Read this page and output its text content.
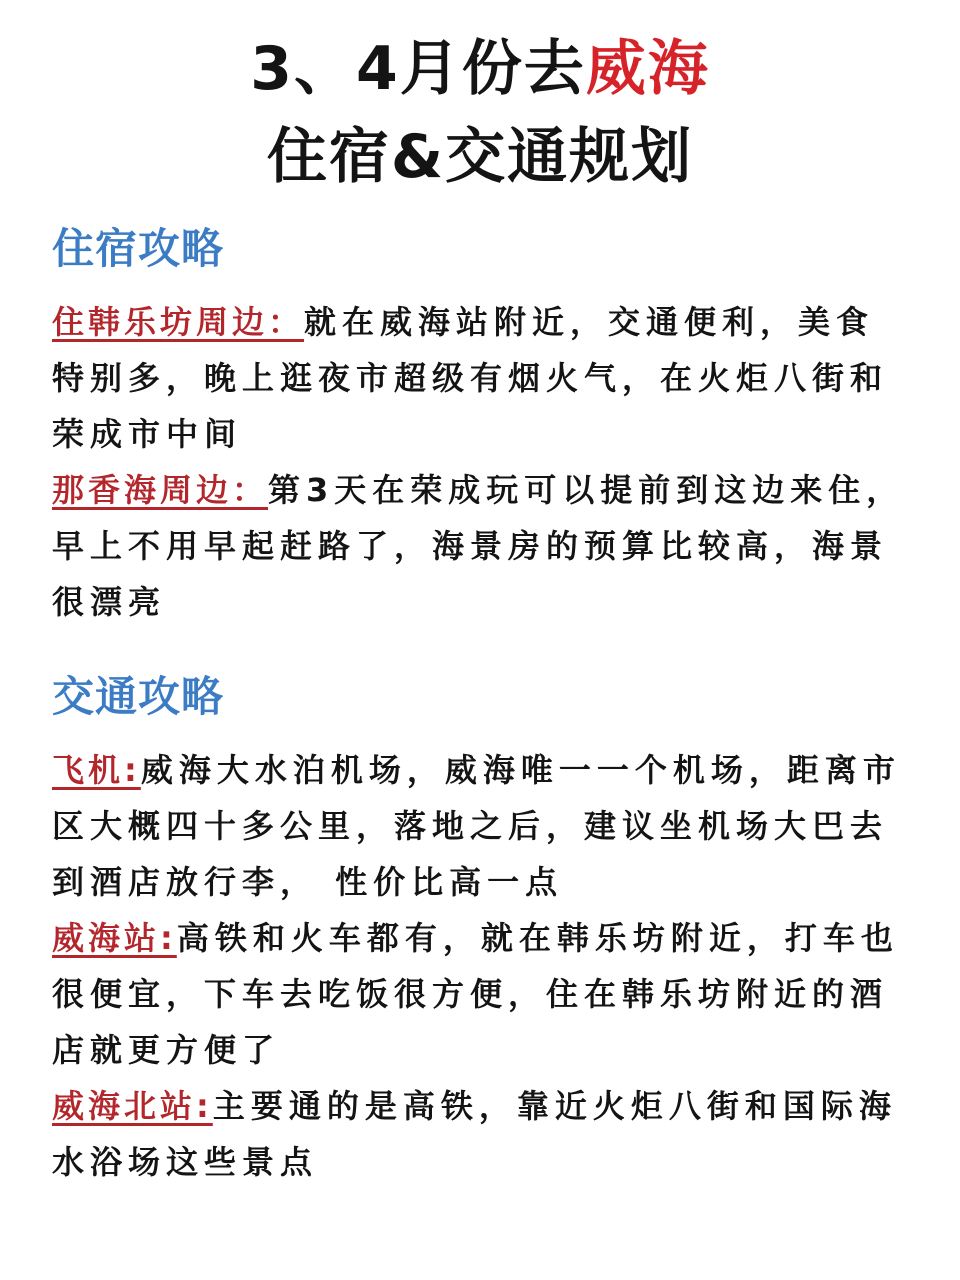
3、4月份去威海
住宿&交通规划
住宿攻略
住韩乐坊周边：就在威海站附近，交通便利，美食特别多，晚上逛夜市超级有烟火气，在火炬八街和荣成市中间
那香海周边：第3天在荣成玩可以提前到这边来住，早上不用早起赶路了，海景房的预算比较高，海景很漂亮
交通攻略
飞机:威海大水泊机场，威海唯一一个机场，距离市区大概四十多公里，落地之后，建议坐机场大巴去到酒店放行李， 性价比高一点
威海站:高铁和火车都有，就在韩乐坊附近，打车也很便宜，下车去吃饭很方便，住在韩乐坊附近的酒店就更方便了
威海北站:主要通的是高铁，靠近火炬八街和国际海水浴场这些景点
